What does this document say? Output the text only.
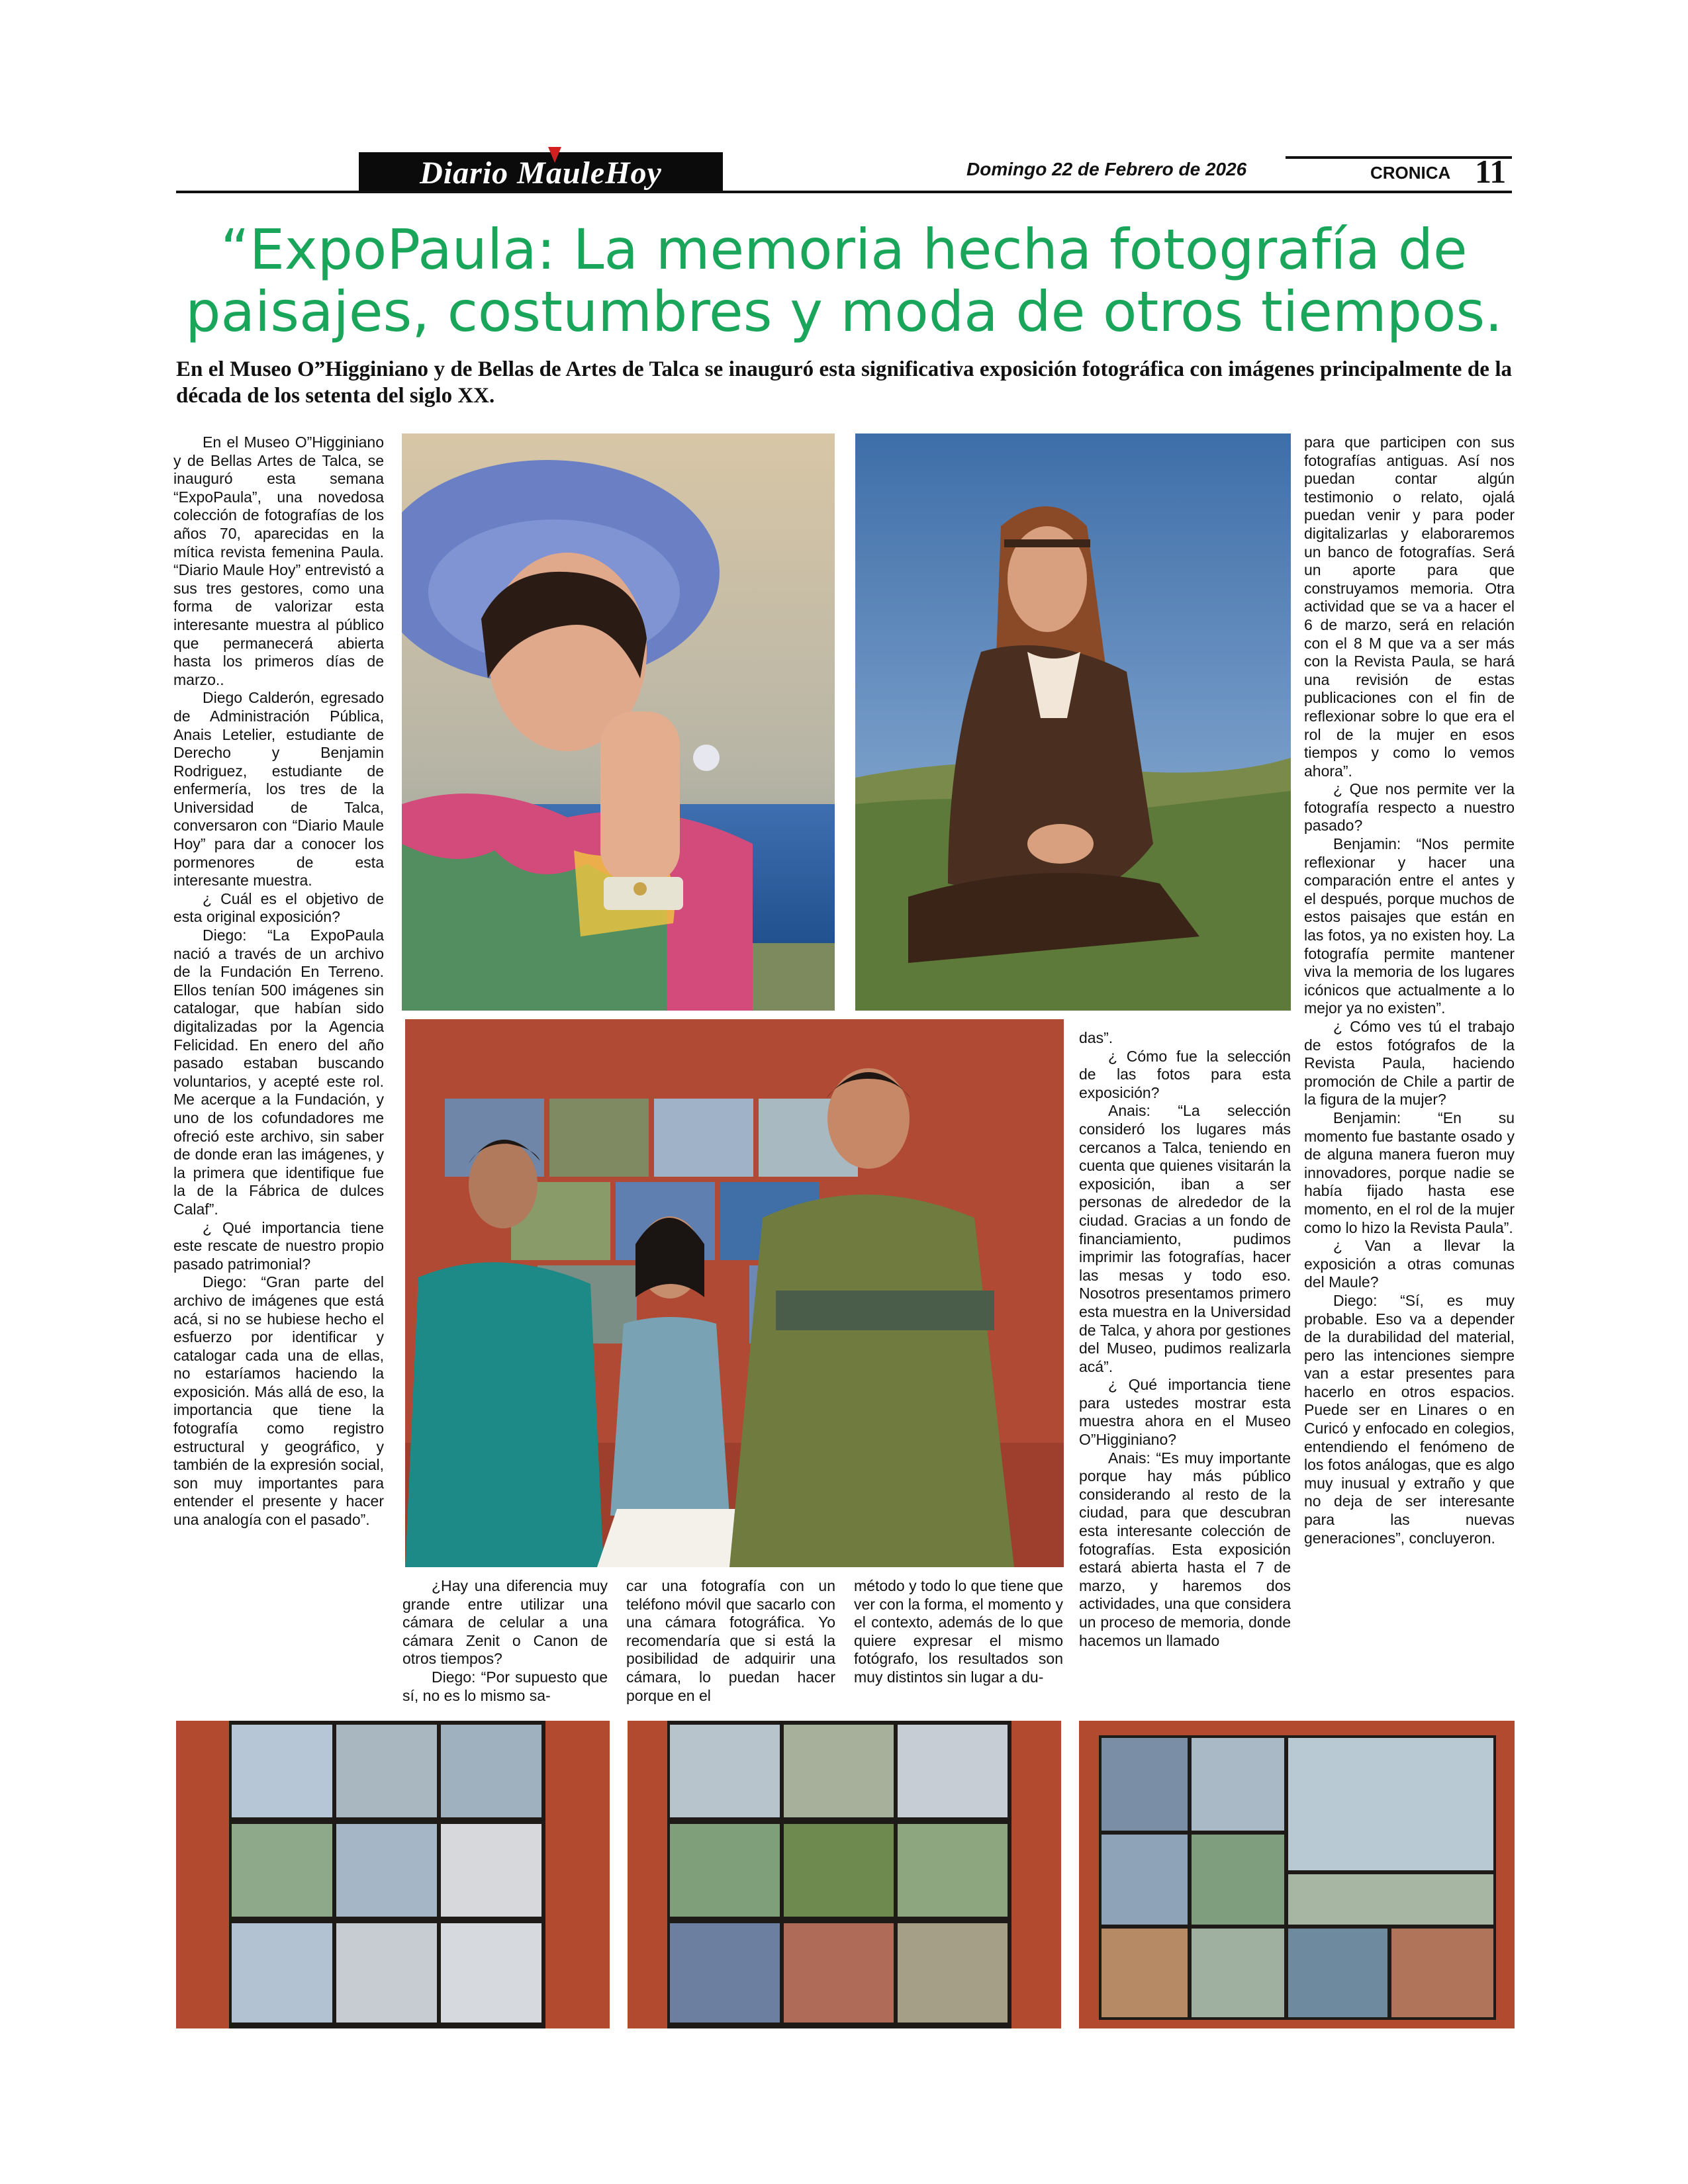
Diario MauleHoy	Domingo 22 de Febrero de 2026	CRONICA 11
“ExpoPaula: La memoria hecha fotografía de
paisajes, costumbres y moda de otros tiempos.
En el Museo O”Higginiano y de Bellas de Artes de Talca se inauguró esta significativa exposición fotográfica con imágenes principalmente de la década de los setenta del siglo XX.

En el Museo O”Higginiano y de Bellas Artes de Talca, se inauguró esta semana “ExpoPaula”, una novedosa colección de fotografías de los años 70, aparecidas en la mítica revista femenina Paula. “Diario Maule Hoy” entrevistó a sus tres gestores, como una forma de valorizar esta interesante muestra al público que permanecerá abierta hasta los primeros días de marzo..

Diego Calderón, egresado de Administración Pública, Anais Letelier, estudiante de Derecho y Benjamin Rodriguez, estudiante de enfermería, los tres de la Universidad de Talca, conversaron con “Diario Maule Hoy” para dar a conocer los pormenores de esta interesante muestra.

¿ Cuál es el objetivo de esta original exposición?

Diego: “La ExpoPaula nació a través de un archivo de la Fundación En Terreno. Ellos tenían 500 imágenes sin catalogar, que habían sido digitalizadas por la Agencia Felicidad. En enero del año pasado estaban buscando voluntarios, y acepté este rol. Me acerque a la Fundación, y uno de los cofundadores me ofreció este archivo, sin saber de donde eran las imágenes, y la primera que identifique fue la de la Fábrica de dulces Calaf”.

¿ Qué importancia tiene este rescate de nuestro propio pasado patrimonial?

Diego: “Gran parte del archivo de imágenes que está acá, si no se hubiese hecho el esfuerzo por identificar y catalogar cada una de ellas, no estaríamos haciendo la exposición. Más allá de eso, la importancia que tiene la fotografía como registro estructural y geográfico, y también de la expresión social, son muy importantes para entender el presente y hacer una analogía con el pasado”.

¿Hay una diferencia muy grande entre utilizar una cámara de celular a una cámara Zenit o Canon de otros tiempos?

Diego: “Por supuesto que sí, no es lo mismo sa-

car una fotografía con un teléfono móvil que sacarlo con una cámara fotográfica. Yo recomendaría que si está la posibilidad de adquirir una cámara, lo puedan hacer porque en el

método y todo lo que tiene que ver con la forma, el momento y el contexto, además de lo que quiere expresar el mismo fotógrafo, los resultados son muy distintos sin lugar a du-

das”.

¿ Cómo fue la selección de las fotos para esta exposición?

Anais: “La selección consideró los lugares más cercanos a Talca, teniendo en cuenta que quienes visitarán la exposición, iban a ser personas de alrededor de la ciudad. Gracias a un fondo de financiamiento, pudimos imprimir las fotografías, hacer las mesas y todo eso. Nosotros presentamos primero esta muestra en la Universidad de Talca, y ahora por gestiones del Museo, pudimos realizarla acá”.

¿ Qué importancia tiene para ustedes mostrar esta muestra ahora en el Museo O”Higginiano?

Anais: “Es muy importante porque hay más público considerando al resto de la ciudad, para que descubran esta interesante colección de fotografías. Esta exposición estará abierta hasta el 7 de marzo, y haremos dos actividades, una que considera un proceso de memoria, donde hacemos un llamado

para que participen con sus fotografías antiguas. Así nos puedan contar algún testimonio o relato, ojalá puedan venir y para poder digitalizarlas y elaboraremos un banco de fotografías. Será un aporte para que construyamos memoria. Otra actividad que se va a hacer el 6 de marzo, será en relación con el 8 M que va a ser más con la Revista Paula, se hará una revisión de estas publicaciones con el fin de reflexionar sobre lo que era el rol de la mujer en esos tiempos y como lo vemos ahora”.

¿ Que nos permite ver la fotografía respecto a nuestro pasado?

Benjamin: “Nos permite reflexionar y hacer una comparación entre el antes y el después, porque muchos de estos paisajes que están en las fotos, ya no existen hoy. La fotografía permite mantener viva la memoria de los lugares icónicos que actualmente a lo mejor ya no existen”.

¿ Cómo ves tú el trabajo de estos fotógrafos de la Revista Paula, haciendo promoción de Chile a partir de la figura de la mujer?

Benjamin: “En su momento fue bastante osado y de alguna manera fueron muy innovadores, porque nadie se había fijado hasta ese momento, en el rol de la mujer como lo hizo la Revista Paula”.

¿ Van a llevar la exposición a otras comunas del Maule?

Diego: “Sí, es muy probable. Eso va a depender de la durabilidad del material, pero las intenciones siempre van a estar presentes para hacerlo en otros espacios. Puede ser en Linares o en Curicó y enfocado en colegios, entendiendo el fenómeno de los fotos análogas, que es algo muy inusual y extraño y que no deja de ser interesante para las nuevas generaciones”, concluyeron.
